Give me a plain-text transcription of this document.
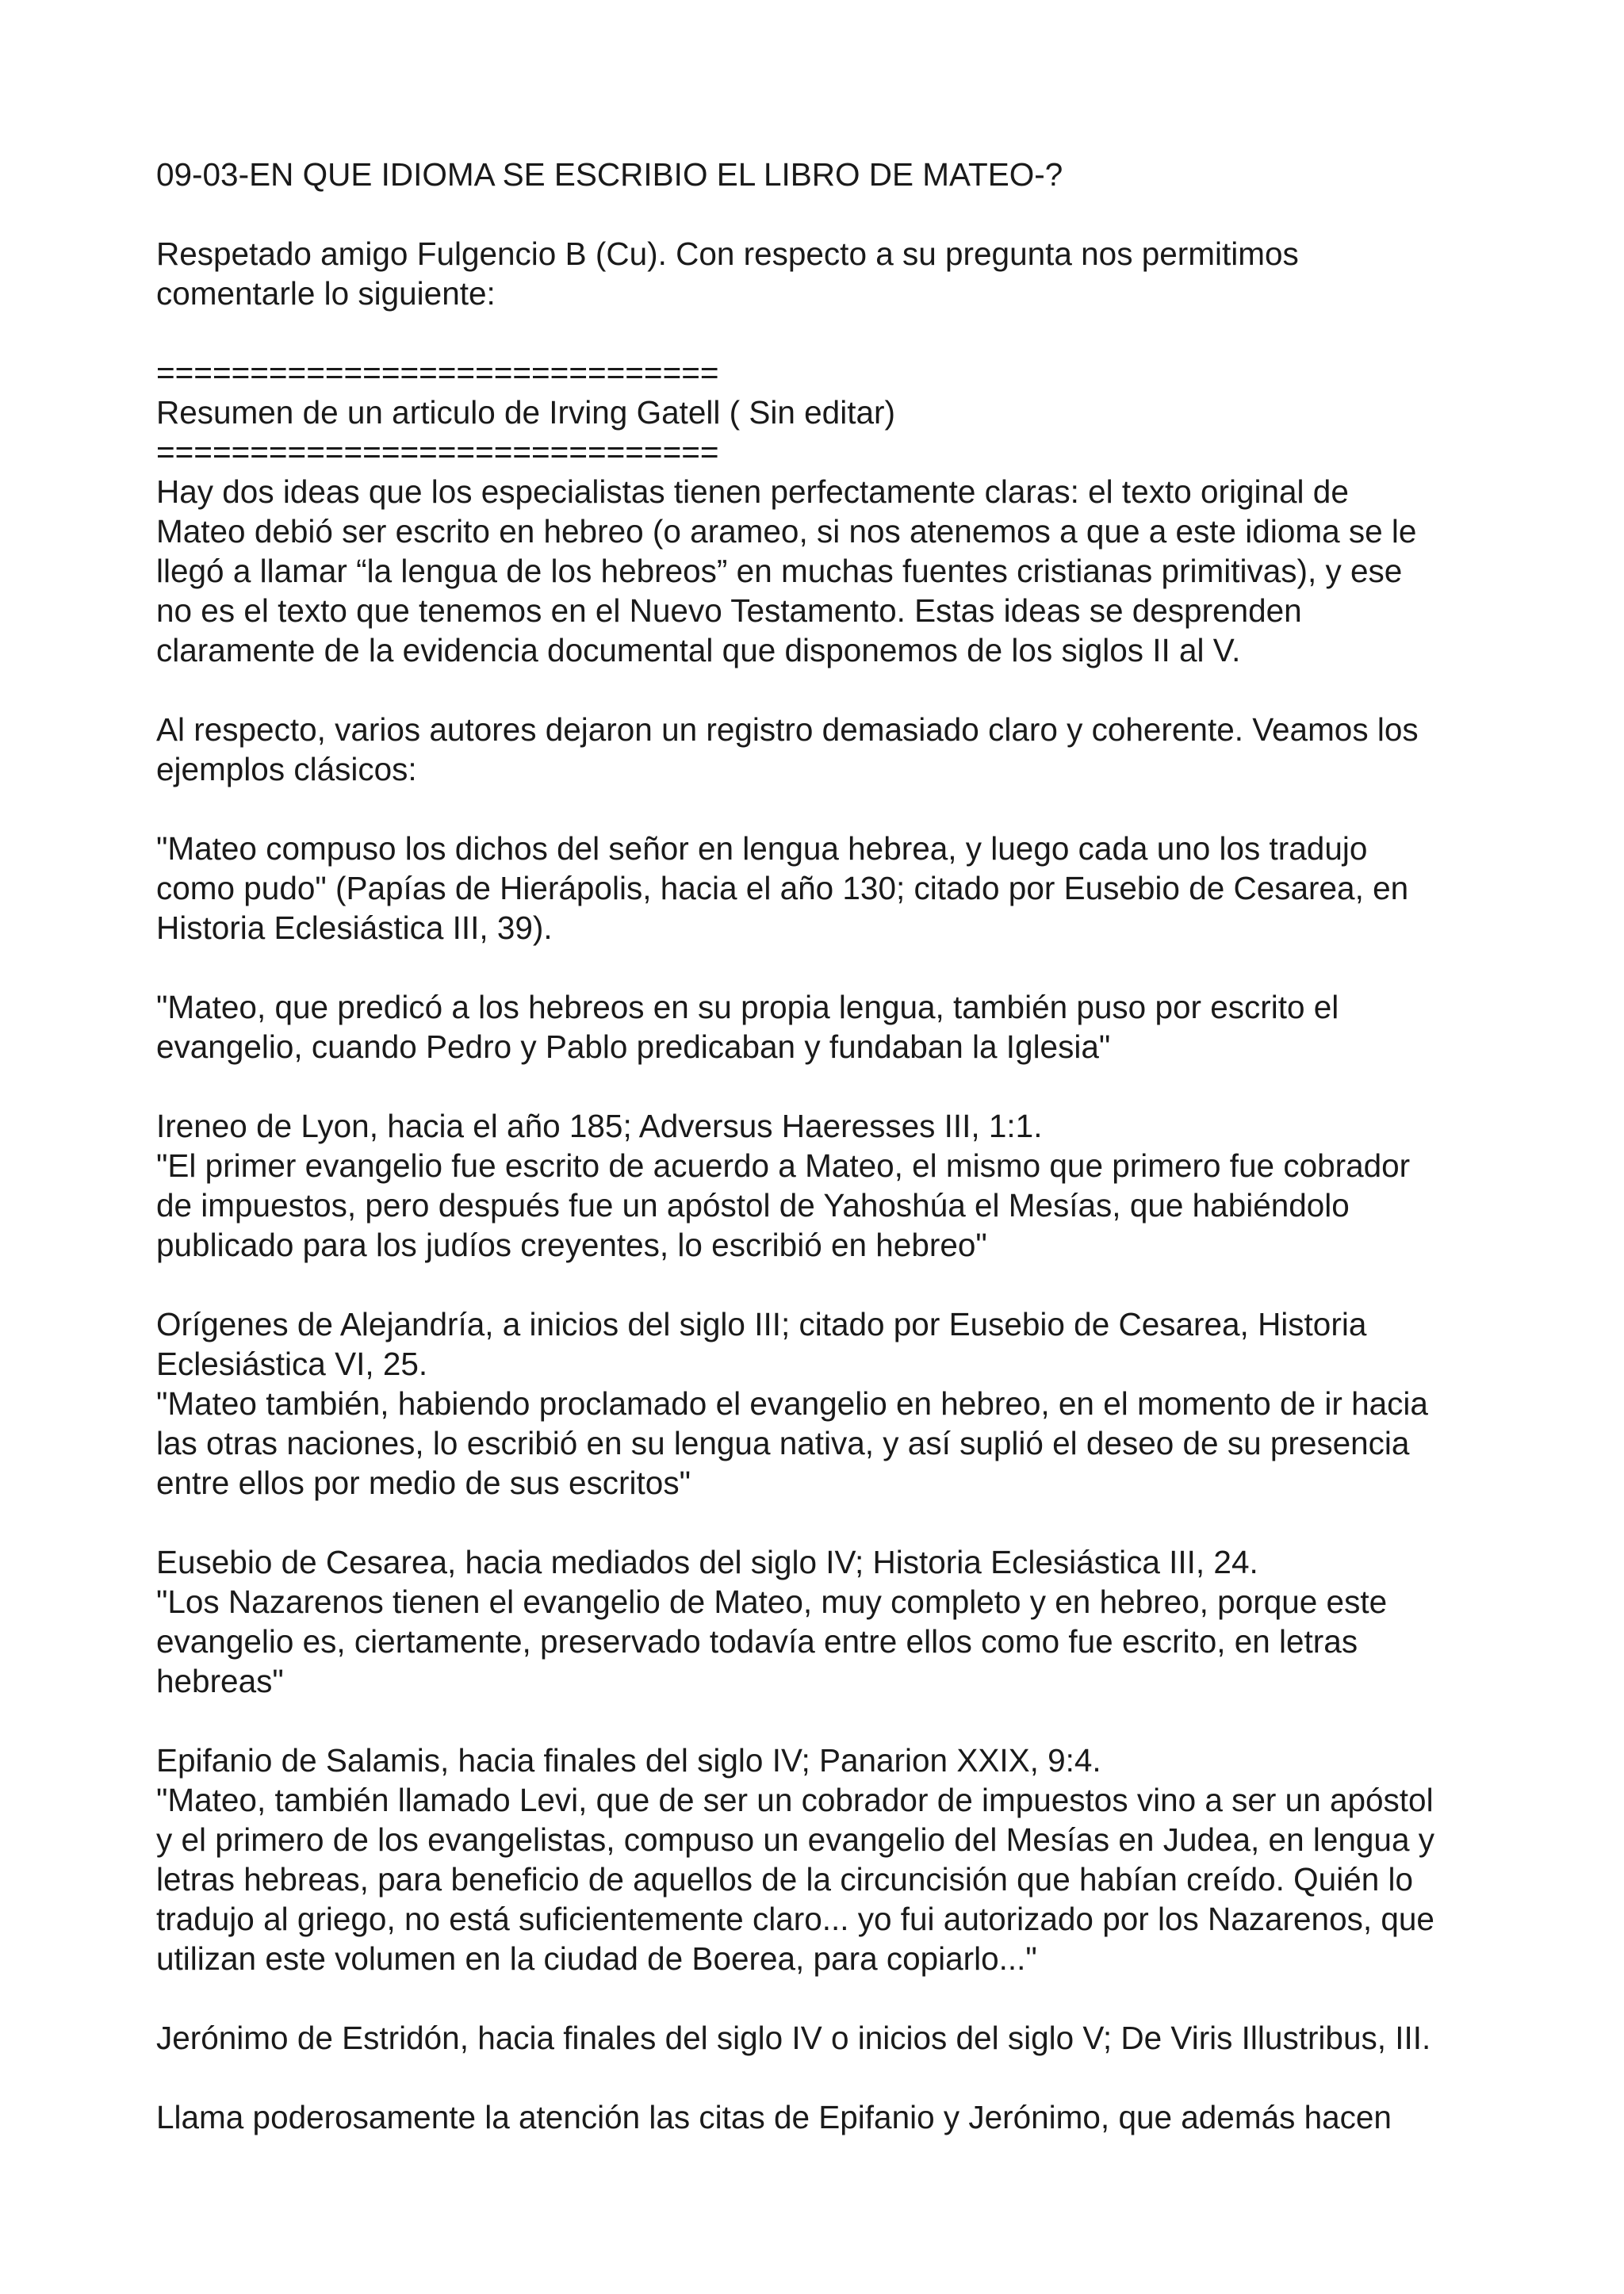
09-03-EN QUE IDIOMA SE ESCRIBIO EL LIBRO DE MATEO-?

Respetado amigo Fulgencio B (Cu). Con respecto a su pregunta nos permitimos
comentarle lo siguiente:

==============================

Resumen de un articulo de Irving Gatell ( Sin editar)

==============================

Hay dos ideas que los especialistas tienen perfectamente claras: el texto original de
Mateo debió ser escrito en hebreo (o arameo, si nos atenemos a que a este idioma se le
llegó a llamar “la lengua de los hebreos” en muchas fuentes cristianas primitivas), y ese
no es el texto que tenemos en el Nuevo Testamento. Estas ideas se desprenden
claramente de la evidencia documental que disponemos de los siglos II al V.

Al respecto, varios autores dejaron un registro demasiado claro y coherente. Veamos los
ejemplos clásicos:

"Mateo compuso los dichos del señor en lengua hebrea, y luego cada uno los tradujo
como pudo" (Papías de Hierápolis, hacia el año 130; citado por Eusebio de Cesarea, en
Historia Eclesiástica III, 39).

"Mateo, que predicó a los hebreos en su propia lengua, también puso por escrito el
evangelio, cuando Pedro y Pablo predicaban y fundaban la Iglesia"

Ireneo de Lyon, hacia el año 185; Adversus Haeresses III, 1:1.
"El primer evangelio fue escrito de acuerdo a Mateo, el mismo que primero fue cobrador
de impuestos, pero después fue un apóstol de Yahoshúa el Mesías, que habiéndolo
publicado para los judíos creyentes, lo escribió en hebreo"

Orígenes de Alejandría, a inicios del siglo III; citado por Eusebio de Cesarea, Historia
Eclesiástica VI, 25.
"Mateo también, habiendo proclamado el evangelio en hebreo, en el momento de ir hacia
las otras naciones, lo escribió en su lengua nativa, y así suplió el deseo de su presencia
entre ellos por medio de sus escritos"

Eusebio de Cesarea, hacia mediados del siglo IV; Historia Eclesiástica III, 24.
"Los Nazarenos tienen el evangelio de Mateo, muy completo y en hebreo, porque este
evangelio es, ciertamente, preservado todavía entre ellos como fue escrito, en letras
hebreas"

Epifanio de Salamis, hacia finales del siglo IV; Panarion XXIX, 9:4.
"Mateo, también llamado Levi, que de ser un cobrador de impuestos vino a ser un apóstol
y el primero de los evangelistas, compuso un evangelio del Mesías en Judea, en lengua y
letras hebreas, para beneficio de aquellos de la circuncisión que habían creído. Quién lo
tradujo al griego, no está suficientemente claro... yo fui autorizado por los Nazarenos, que
utilizan este volumen en la ciudad de Boerea, para copiarlo..."

Jerónimo de Estridón, hacia finales del siglo IV o inicios del siglo V; De Viris Illustribus, III.

Llama poderosamente la atención las citas de Epifanio y Jerónimo, que además hacen
